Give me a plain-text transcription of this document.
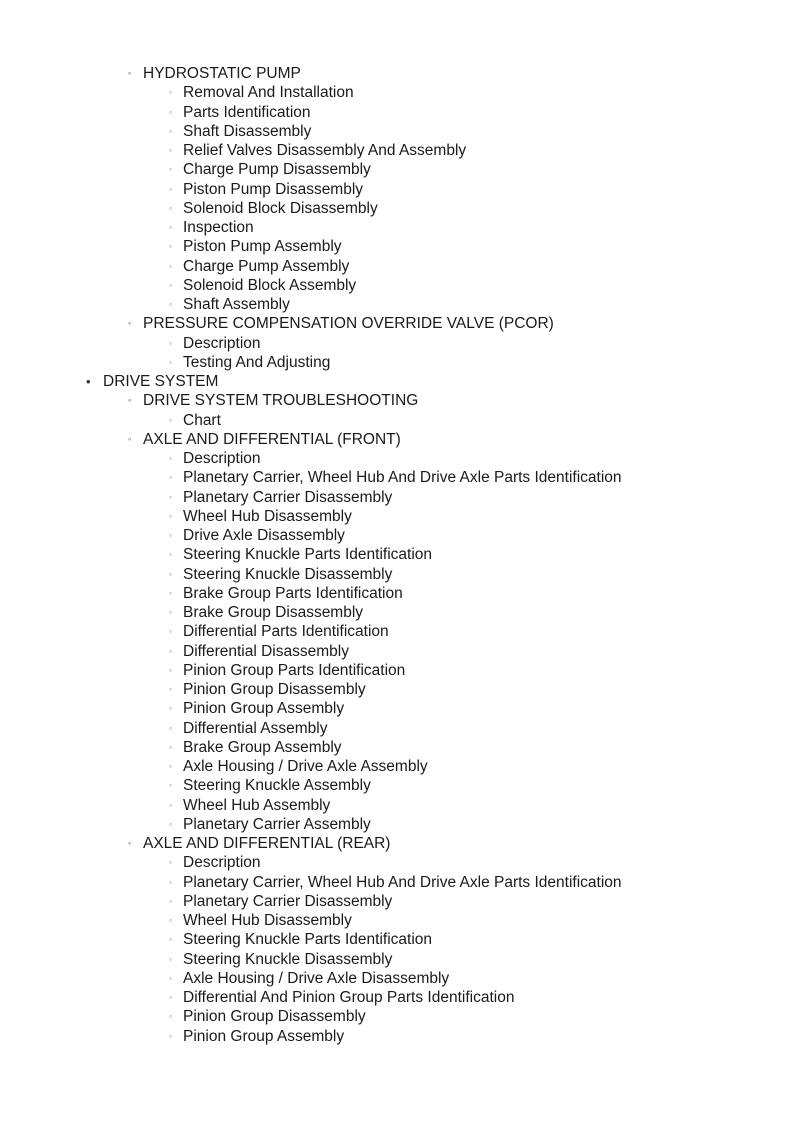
◦ HYDROSTATIC PUMP
▫ Removal And Installation
▫ Parts Identification
▫ Shaft Disassembly
▫ Relief Valves Disassembly And Assembly
▫ Charge Pump Disassembly
▫ Piston Pump Disassembly
▫ Solenoid Block Disassembly
▫ Inspection
▫ Piston Pump Assembly
▫ Charge Pump Assembly
▫ Solenoid Block Assembly
▫ Shaft Assembly
◦ PRESSURE COMPENSATION OVERRIDE VALVE (PCOR)
▫ Description
▫ Testing And Adjusting
• DRIVE SYSTEM
◦ DRIVE SYSTEM TROUBLESHOOTING
▫ Chart
◦ AXLE AND DIFFERENTIAL (FRONT)
▫ Description
▫ Planetary Carrier, Wheel Hub And Drive Axle Parts Identification
▫ Planetary Carrier Disassembly
▫ Wheel Hub Disassembly
▫ Drive Axle Disassembly
▫ Steering Knuckle Parts Identification
▫ Steering Knuckle Disassembly
▫ Brake Group Parts Identification
▫ Brake Group Disassembly
▫ Differential Parts Identification
▫ Differential Disassembly
▫ Pinion Group Parts Identification
▫ Pinion Group Disassembly
▫ Pinion Group Assembly
▫ Differential Assembly
▫ Brake Group Assembly
▫ Axle Housing / Drive Axle Assembly
▫ Steering Knuckle Assembly
▫ Wheel Hub Assembly
▫ Planetary Carrier Assembly
◦ AXLE AND DIFFERENTIAL (REAR)
▫ Description
▫ Planetary Carrier, Wheel Hub And Drive Axle Parts Identification
▫ Planetary Carrier Disassembly
▫ Wheel Hub Disassembly
▫ Steering Knuckle Parts Identification
▫ Steering Knuckle Disassembly
▫ Axle Housing / Drive Axle Disassembly
▫ Differential And Pinion Group Parts Identification
▫ Pinion Group Disassembly
▫ Pinion Group Assembly
